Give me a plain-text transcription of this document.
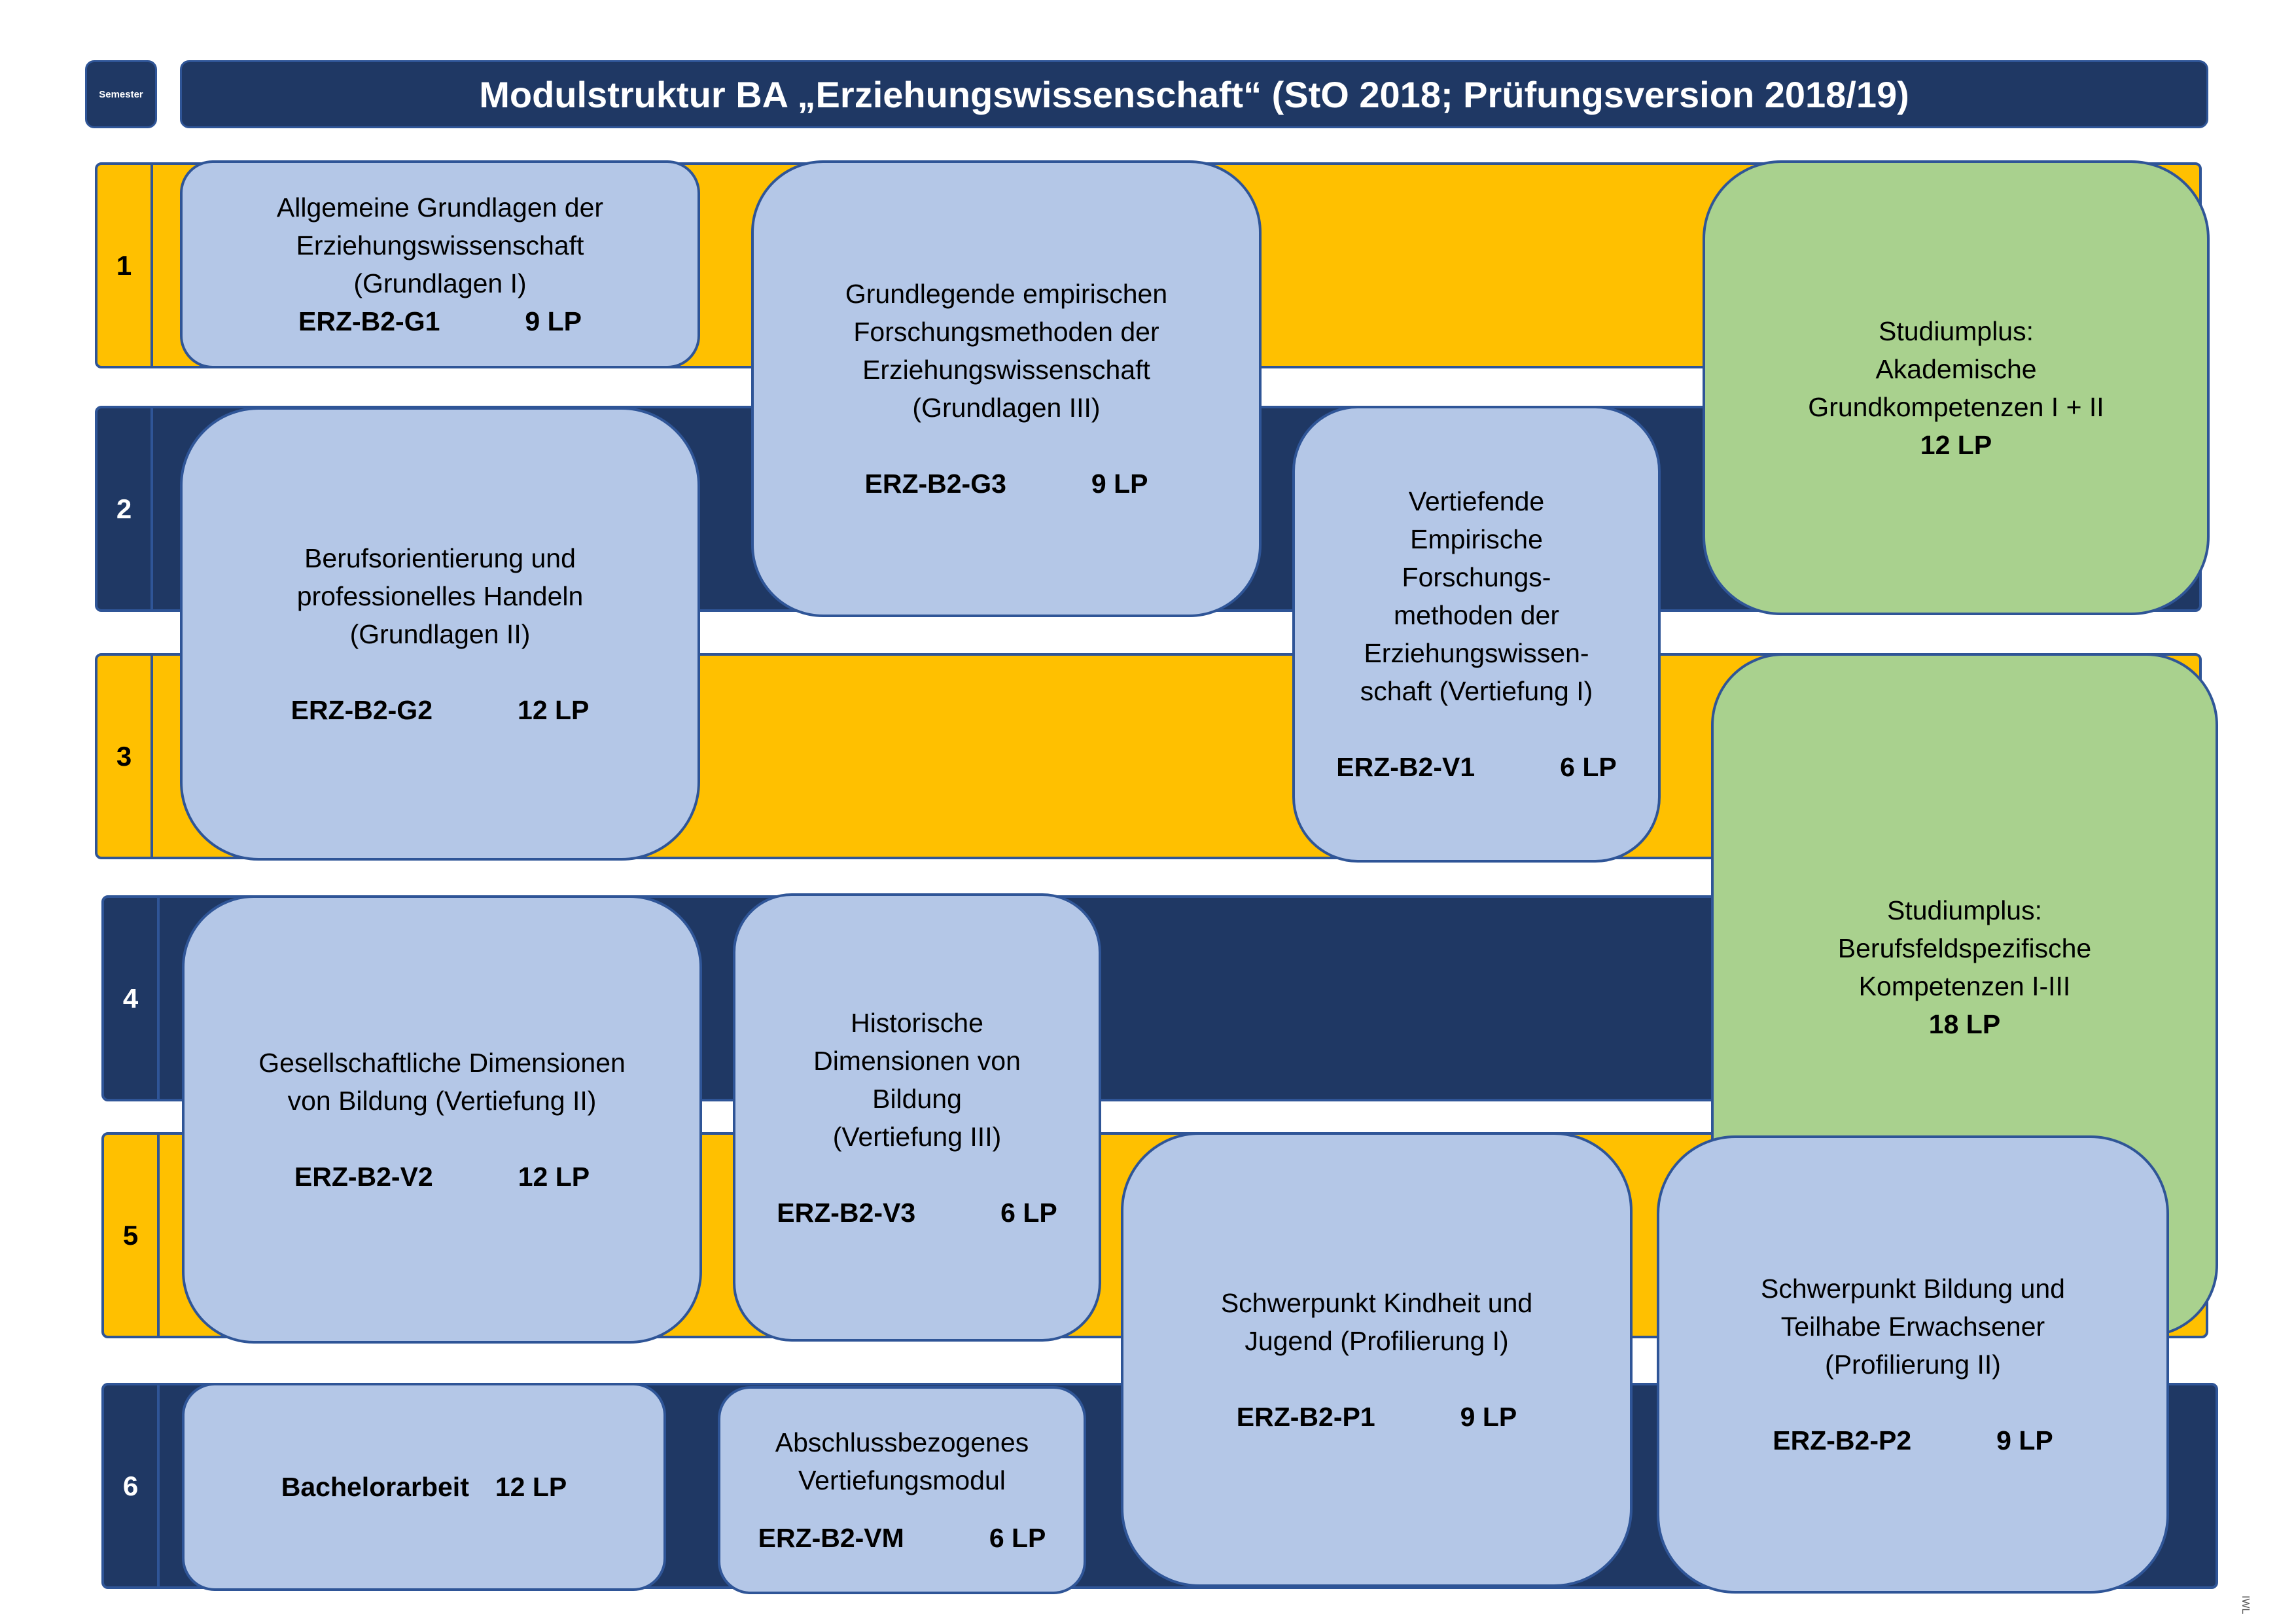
Semester	Modulstruktur BA „Erziehungswissenschaft“ (StO 2018; Prüfungsversion 2018/19)
1
2
3
4
5
6
Allgemeine Grundlagen der
Erziehungswissenschaft
(Grundlagen I)
ERZ-B2-G1	9 LP
Grundlegende empirischen
Forschungsmethoden der
Erziehungswissenschaft
(Grundlagen III)
ERZ-B2-G3	9 LP
Studiumplus:
Akademische
Grundkompetenzen I + II
12 LP
Berufsorientierung und
professionelles Handeln
(Grundlagen II)
ERZ-B2-G2	12 LP
Vertiefende
Empirische
Forschungs-
methoden der
Erziehungswissen-
schaft (Vertiefung I)
ERZ-B2-V1	6 LP
Studiumplus:
Berufsfeldspezifische
Kompetenzen I-III
18 LP
Gesellschaftliche Dimensionen
von Bildung (Vertiefung II)
ERZ-B2-V2	12 LP
Historische
Dimensionen von
Bildung
(Vertiefung III)
ERZ-B2-V3	6 LP
Schwerpunkt Kindheit und
Jugend (Profilierung I)
ERZ-B2-P1	9 LP
Schwerpunkt Bildung und
Teilhabe Erwachsener
(Profilierung II)
ERZ-B2-P2	9 LP
Bachelorarbeit 12 LP
Abschlussbezogenes
Vertiefungsmodul
ERZ-B2-VM	6 LP
IWL
